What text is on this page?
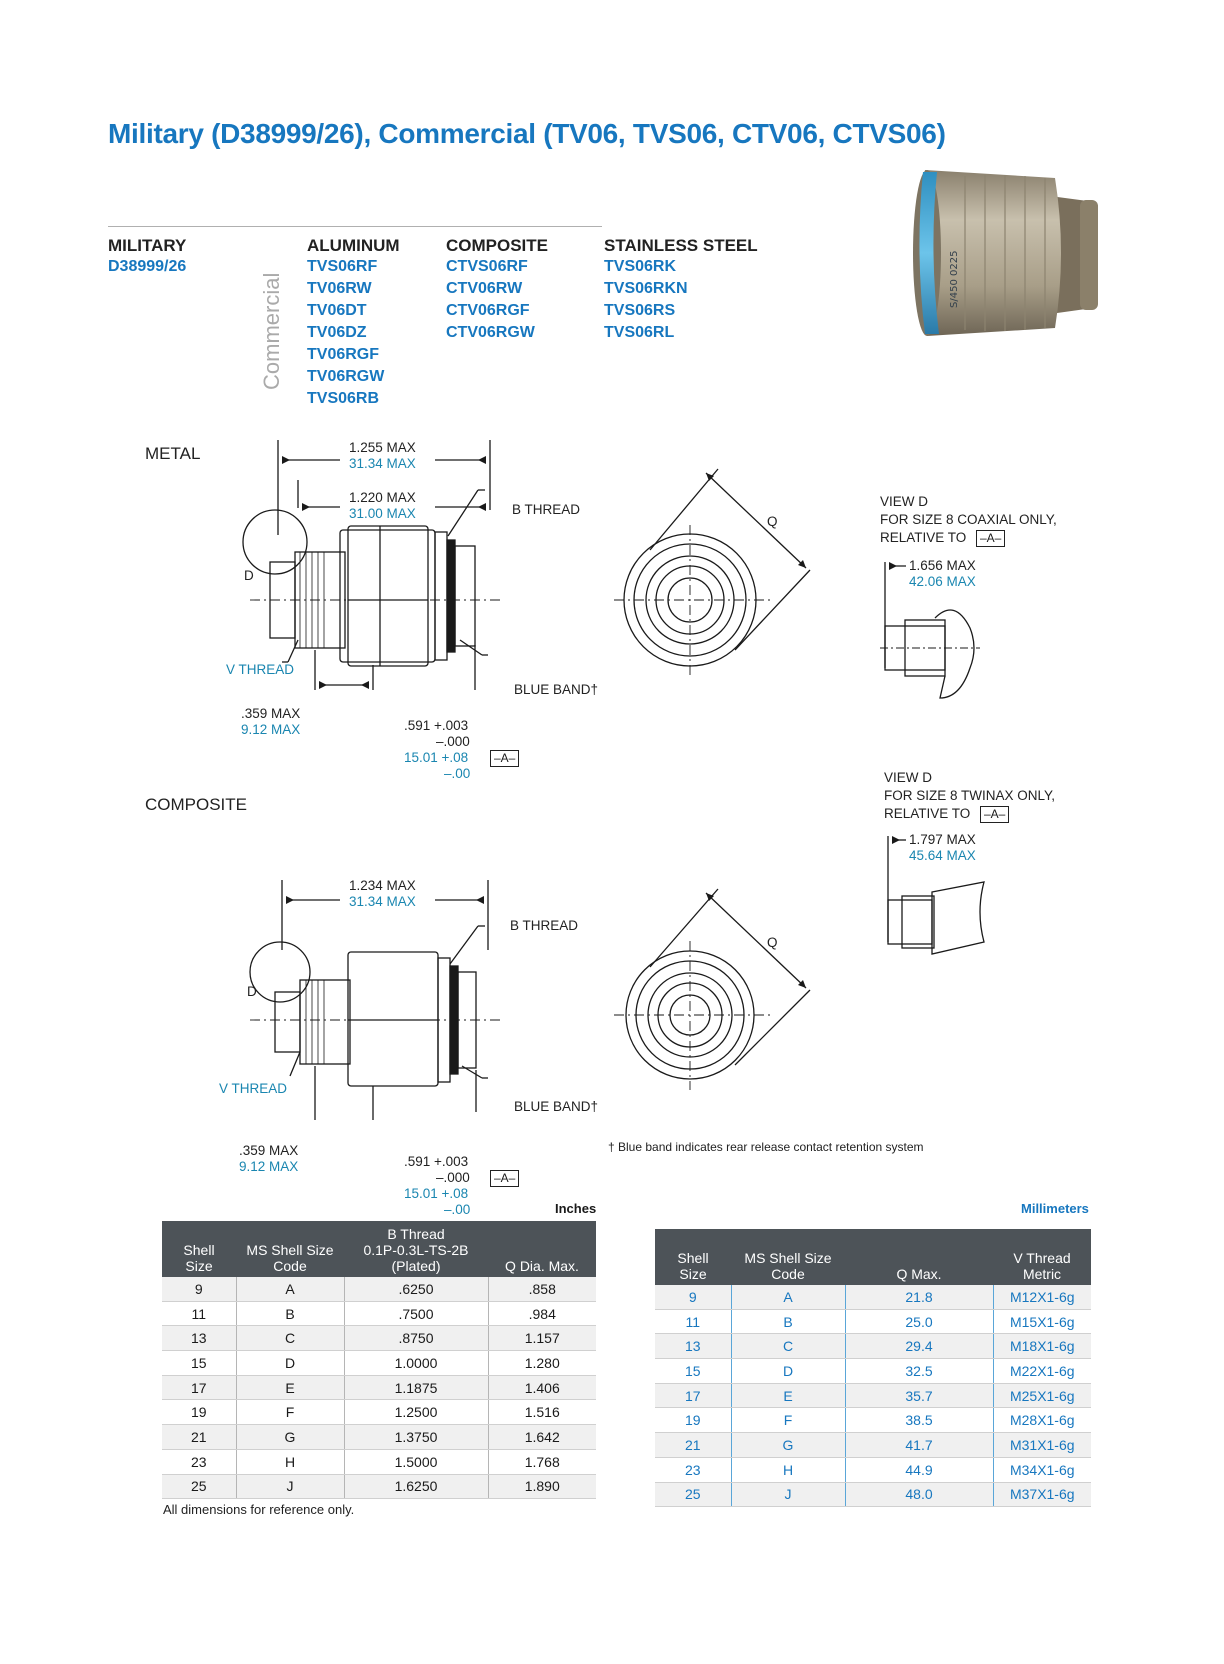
Military (D38999/26), Commercial (TV06, TVS06, CTV06, CTVS06)
MILITARY
D38999/26
Commercial
ALUMINUM
TVS06RF
TV06RW
TV06DT
TV06DZ
TV06RGF
TV06RGW
TVS06RB
COMPOSITE
CTVS06RF
CTV06RW
CTV06RGF
CTV06RGW
STAINLESS STEEL
TVS06RK
TVS06RKN
TVS06RS
TVS06RL
S/450 0225
METAL	1.255 MAX
31.34 MAX
1.220 MAX
31.00 MAX	B THREAD
D
V THREAD
BLUE BAND†
.359 MAX
9.12 MAX	.591 +.003
–.000
15.01 +.08
–.00
–A–
Q
VIEW D
FOR SIZE 8 COAXIAL ONLY,
RELATIVE TO	–A–
1.656 MAX
42.06 MAX
VIEW D
FOR SIZE 8 TWINAX ONLY,
RELATIVE TO	–A–
1.797 MAX
45.64 MAX
COMPOSITE
1.234 MAX
31.34 MAX
B THREAD
D
V THREAD
BLUE BAND†
.359 MAX
9.12 MAX	.591 +.003
–.000
15.01 +.08
–.00
–A–
Q
† Blue band indicates rear release contact retention system
Inches
Shell
Size	MS Shell Size
Code	B Thread
0.1P-0.3L-TS-2B
(Plated)	Q Dia. Max.
9	A	.6250	.858
11	B	.7500	.984
13	C	.8750	1.157
15	D	1.0000	1.280
17	E	1.1875	1.406
19	F	1.2500	1.516
21	G	1.3750	1.642
23	H	1.5000	1.768
25	J	1.6250	1.890
All dimensions for reference only.
Millimeters
Shell
Size	MS Shell Size
Code	Q Max.	V Thread Metric
9	A	21.8	M12X1-6g
11	B	25.0	M15X1-6g
13	C	29.4	M18X1-6g
15	D	32.5	M22X1-6g
17	E	35.7	M25X1-6g
19	F	38.5	M28X1-6g
21	G	41.7	M31X1-6g
23	H	44.9	M34X1-6g
25	J	48.0	M37X1-6g
